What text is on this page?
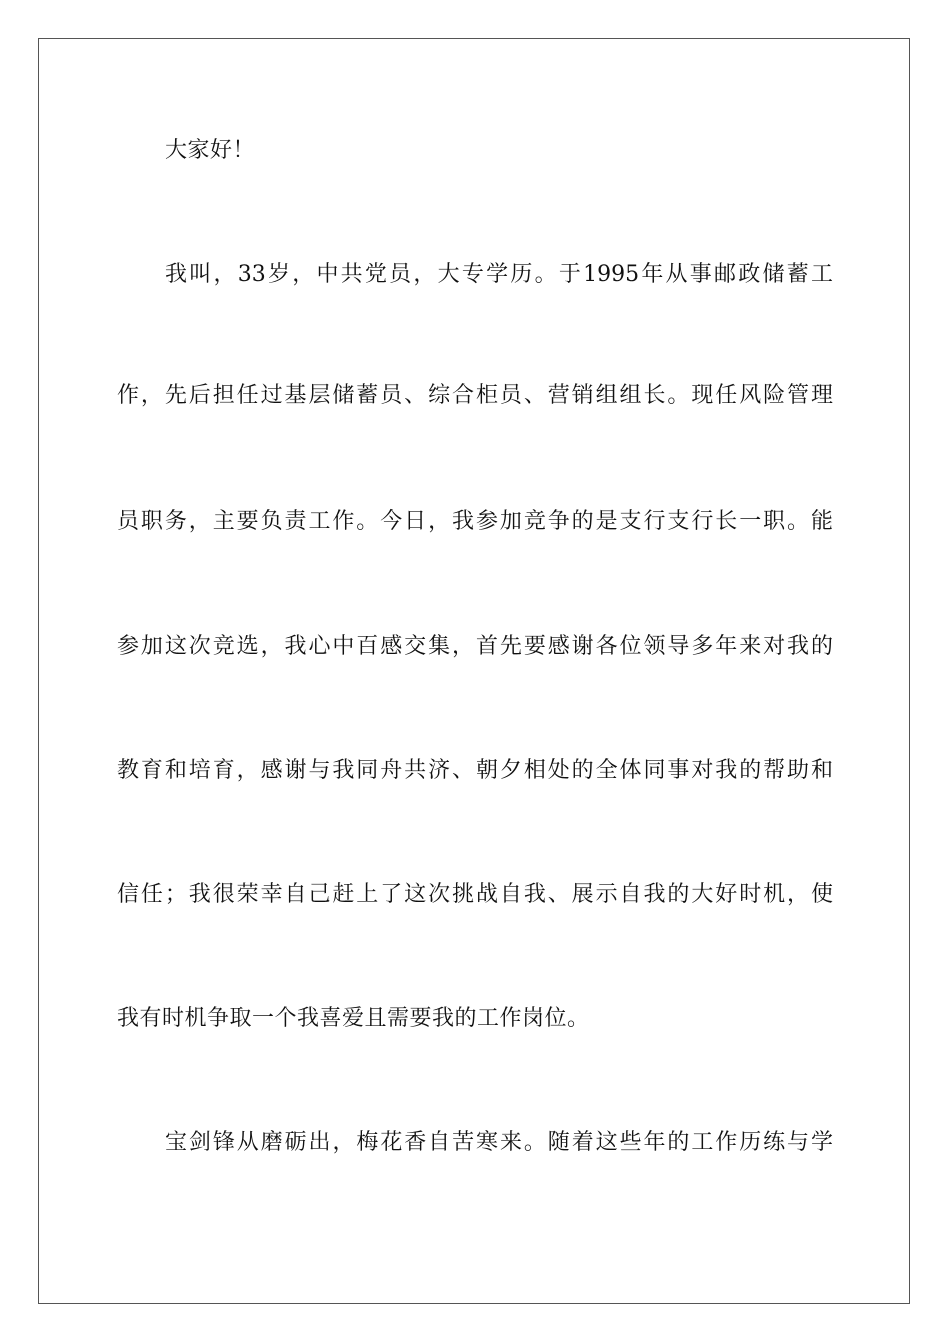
大家好！
我叫，33岁，中共党员，大专学历。于1995年从事邮政储蓄工
作，先后担任过基层储蓄员、综合柜员、营销组组长。现任风险管理
员职务，主要负责工作。今日，我参加竞争的是支行支行长一职。能
参加这次竞选，我心中百感交集，首先要感谢各位领导多年来对我的
教育和培育，感谢与我同舟共济、朝夕相处的全体同事对我的帮助和
信任；我很荣幸自己赶上了这次挑战自我、展示自我的大好时机，使
我有时机争取一个我喜爱且需要我的工作岗位。
宝剑锋从磨砺出，梅花香自苦寒来。随着这些年的工作历练与学
